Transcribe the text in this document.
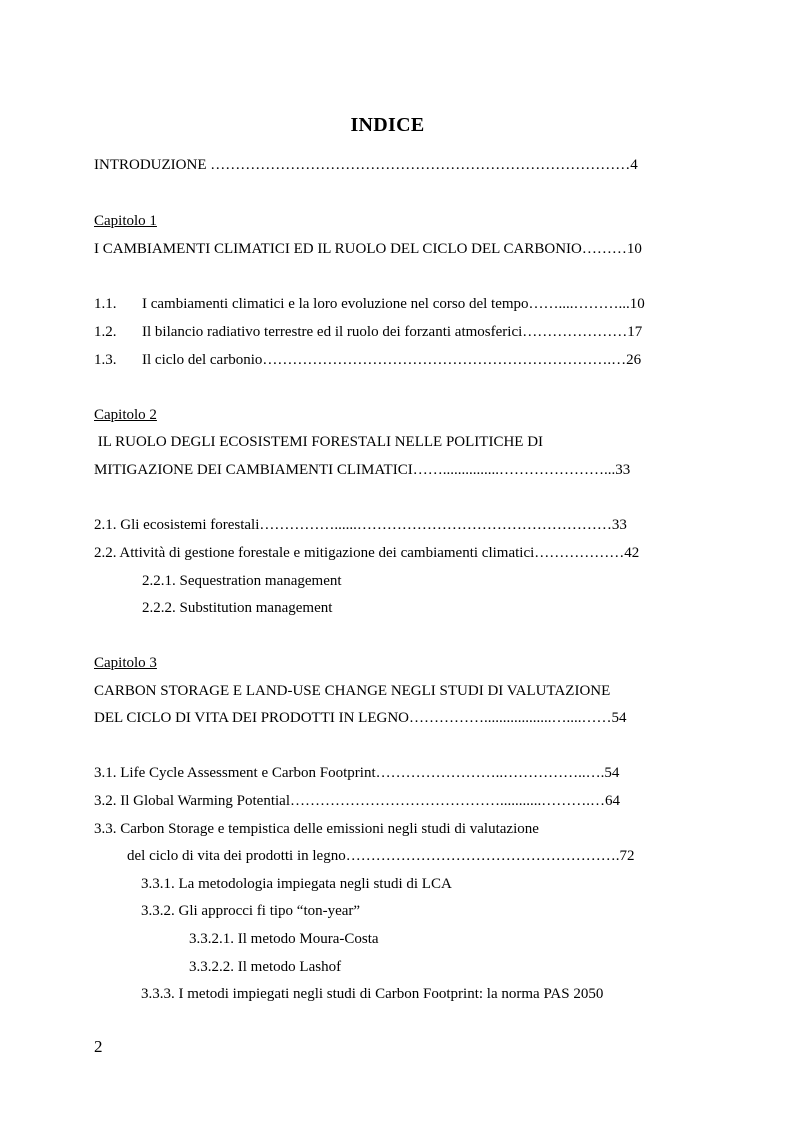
INDICE
INTRODUZIONE …………………………………………………………………………4
Capitolo 1
I CAMBIAMENTI CLIMATICI ED IL RUOLO DEL CICLO DEL CARBONIO………10
1.1. I cambiamenti climatici e la loro evoluzione nel corso del tempo……....………...10
1.2. Il bilancio radiativo terrestre ed il ruolo dei forzanti atmosferici…………………17
1.3. Il ciclo del carbonio…………………………………………………………….…26
Capitolo 2
IL RUOLO DEGLI ECOSISTEMI FORESTALI NELLE POLITICHE DI
MITIGAZIONE DEI CAMBIAMENTI CLIMATICI……...............…………………...33
2.1. Gli ecosistemi forestali……………......……………………………………………33
2.2. Attività di gestione forestale e mitigazione dei cambiamenti climatici………………42
2.2.1. Sequestration management
2.2.2. Substitution management
Capitolo 3
CARBON STORAGE E LAND-USE CHANGE NEGLI STUDI DI VALUTAZIONE
DEL CICLO DI VITA DEI PRODOTTI IN LEGNO……………..................…....……54
3.1. Life Cycle Assessment e Carbon Footprint……………………..……………..….54
3.2. Il Global Warming Potential……………………………………...........……….…64
3.3. Carbon Storage e tempistica delle emissioni negli studi di valutazione
del ciclo di vita dei prodotti in legno……………………………………………….72
3.3.1. La metodologia impiegata negli studi di LCA
3.3.2. Gli approcci fi tipo “ton-year”
3.3.2.1. Il metodo Moura-Costa
3.3.2.2. Il metodo Lashof
3.3.3. I metodi impiegati negli studi di Carbon Footprint: la norma PAS 2050
2
